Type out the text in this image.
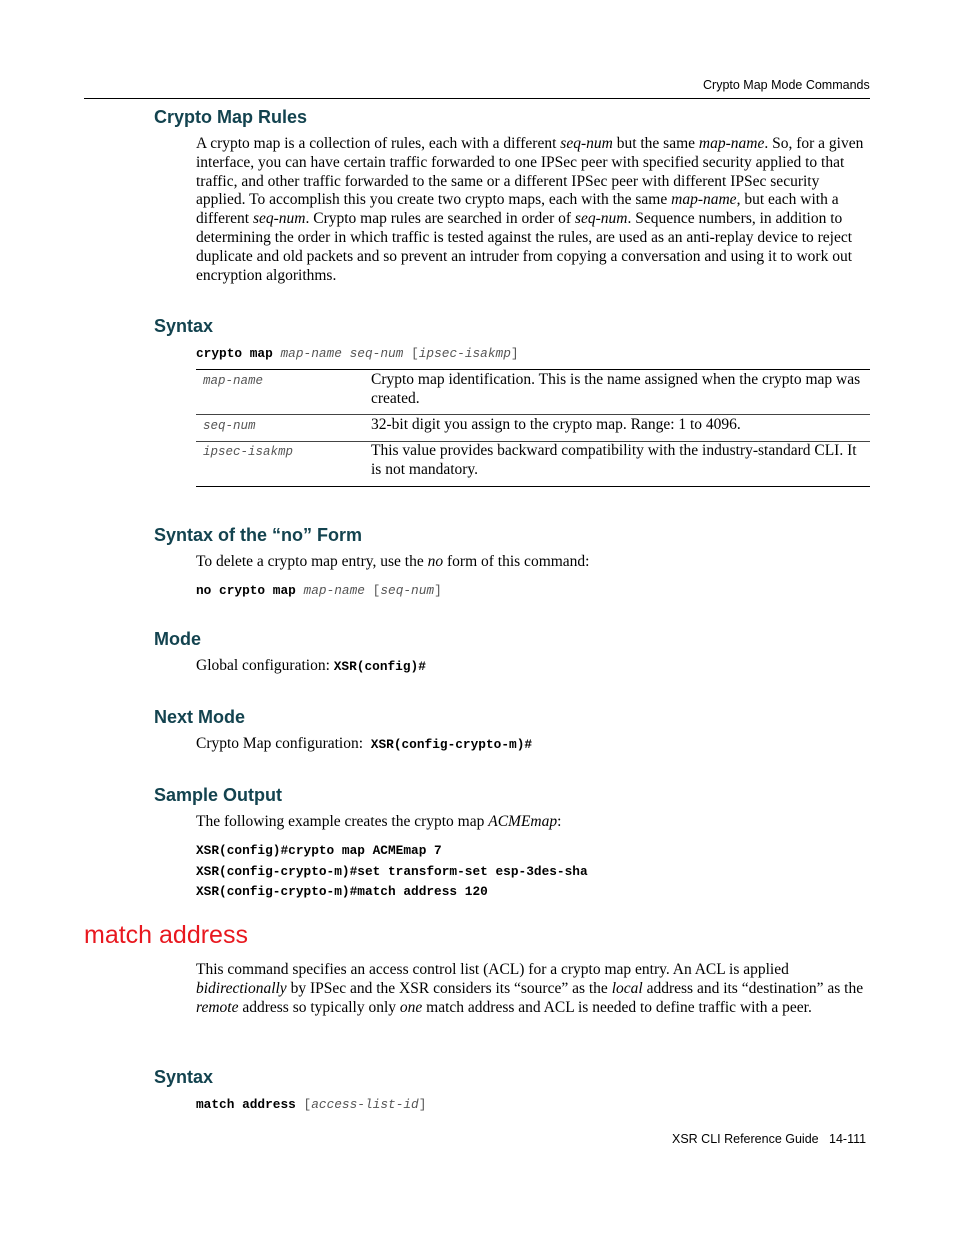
Crypto Map Mode Commands
Crypto Map Rules
A crypto map is a collection of rules, each with a different seq-num but the same map-name. So, for a given interface, you can have certain traffic forwarded to one IPSec peer with specified security applied to that traffic, and other traffic forwarded to the same or a different IPSec peer with different IPSec security applied. To accomplish this you create two crypto maps, each with the same map-name, but each with a different seq-num. Crypto map rules are searched in order of seq-num. Sequence numbers, in addition to determining the order in which traffic is tested against the rules, are used as an anti-replay device to reject duplicate and old packets and so prevent an intruder from copying a conversation and using it to work out encryption algorithms.
Syntax
crypto map map-name seq-num [ipsec-isakmp]
map-name	Crypto map identification. This is the name assigned when the crypto map was created.
seq-num	32-bit digit you assign to the crypto map. Range: 1 to 4096.
ipsec-isakmp	This value provides backward compatibility with the industry-standard CLI. It is not mandatory.
Syntax of the “no” Form
To delete a crypto map entry, use the no form of this command:
no crypto map map-name [seq-num]
Mode
Global configuration: XSR(config)#
Next Mode
Crypto Map configuration:  XSR(config-crypto-m)#
Sample Output
The following example creates the crypto map ACMEmap:
XSR(config)#crypto map ACMEmap 7
XSR(config-crypto-m)#set transform-set esp-3des-sha
XSR(config-crypto-m)#match address 120
match address
This command specifies an access control list (ACL) for a crypto map entry. An ACL is applied bidirectionally by IPSec and the XSR considers its “source” as the local address and its “destination” as the remote address so typically only one match address and ACL is needed to define traffic with a peer.
Syntax
match address [access-list-id]
XSR CLI Reference Guide 14-111
